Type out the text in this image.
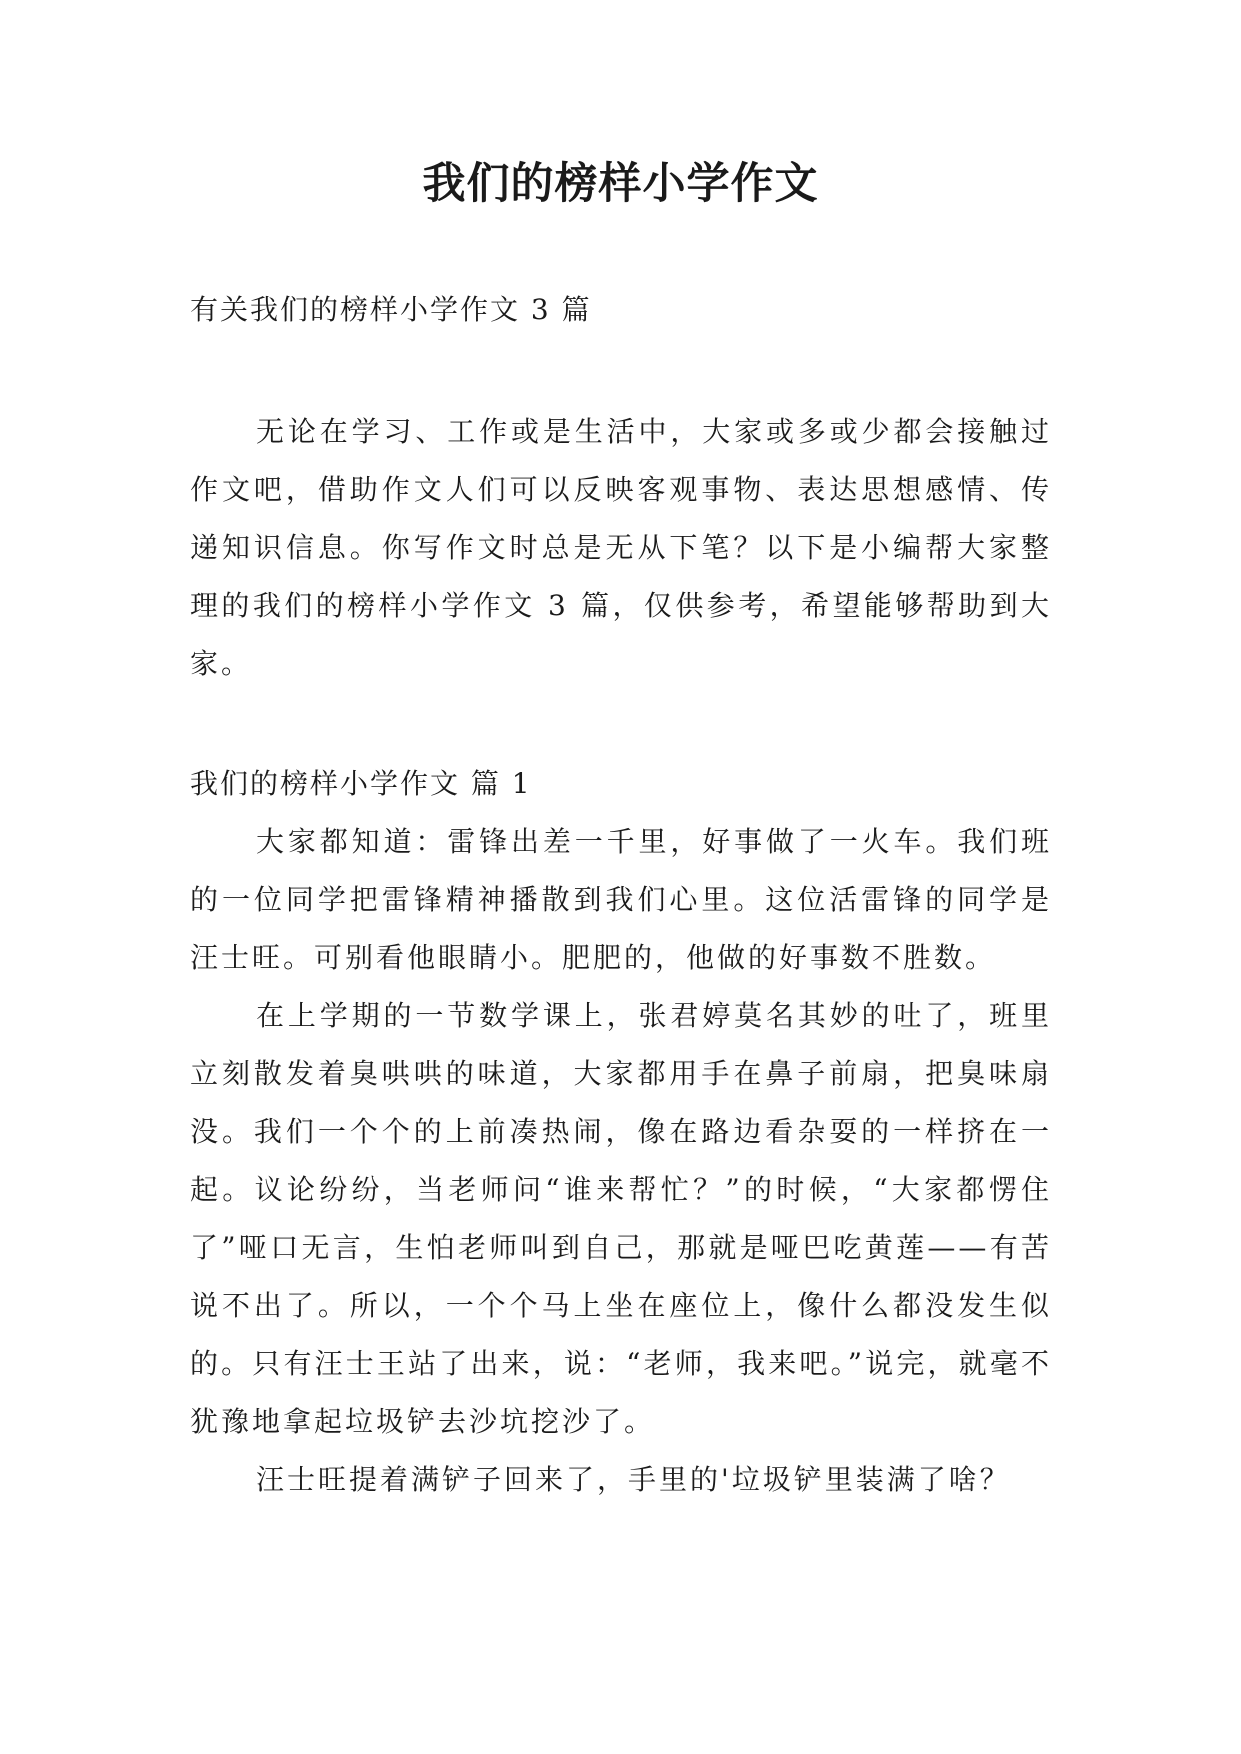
我们的榜样小学作文

有关我们的榜样小学作文 3 篇

无论在学习、工作或是生活中，大家或多或少都会接触过作文吧，借助作文人们可以反映客观事物、表达思想感情、传递知识信息。你写作文时总是无从下笔？以下是小编帮大家整理的我们的榜样小学作文 3 篇，仅供参考，希望能够帮助到大家。

我们的榜样小学作文 篇 1

大家都知道：雷锋出差一千里，好事做了一火车。我们班的一位同学把雷锋精神播散到我们心里。这位活雷锋的同学是汪士旺。可别看他眼睛小。肥肥的，他做的好事数不胜数。

在上学期的一节数学课上，张君婷莫名其妙的吐了，班里立刻散发着臭哄哄的味道，大家都用手在鼻子前扇，把臭味扇没。我们一个个的上前凑热闹，像在路边看杂耍的一样挤在一起。议论纷纷，当老师问“谁来帮忙？”的时候，“大家都愣住了”哑口无言，生怕老师叫到自己，那就是哑巴吃黄莲——有苦说不出了。所以，一个个马上坐在座位上，像什么都没发生似的。只有汪士王站了出来，说：“老师，我来吧。”说完，就毫不犹豫地拿起垃圾铲去沙坑挖沙了。

汪士旺提着满铲子回来了，手里的'垃圾铲里装满了啥？
